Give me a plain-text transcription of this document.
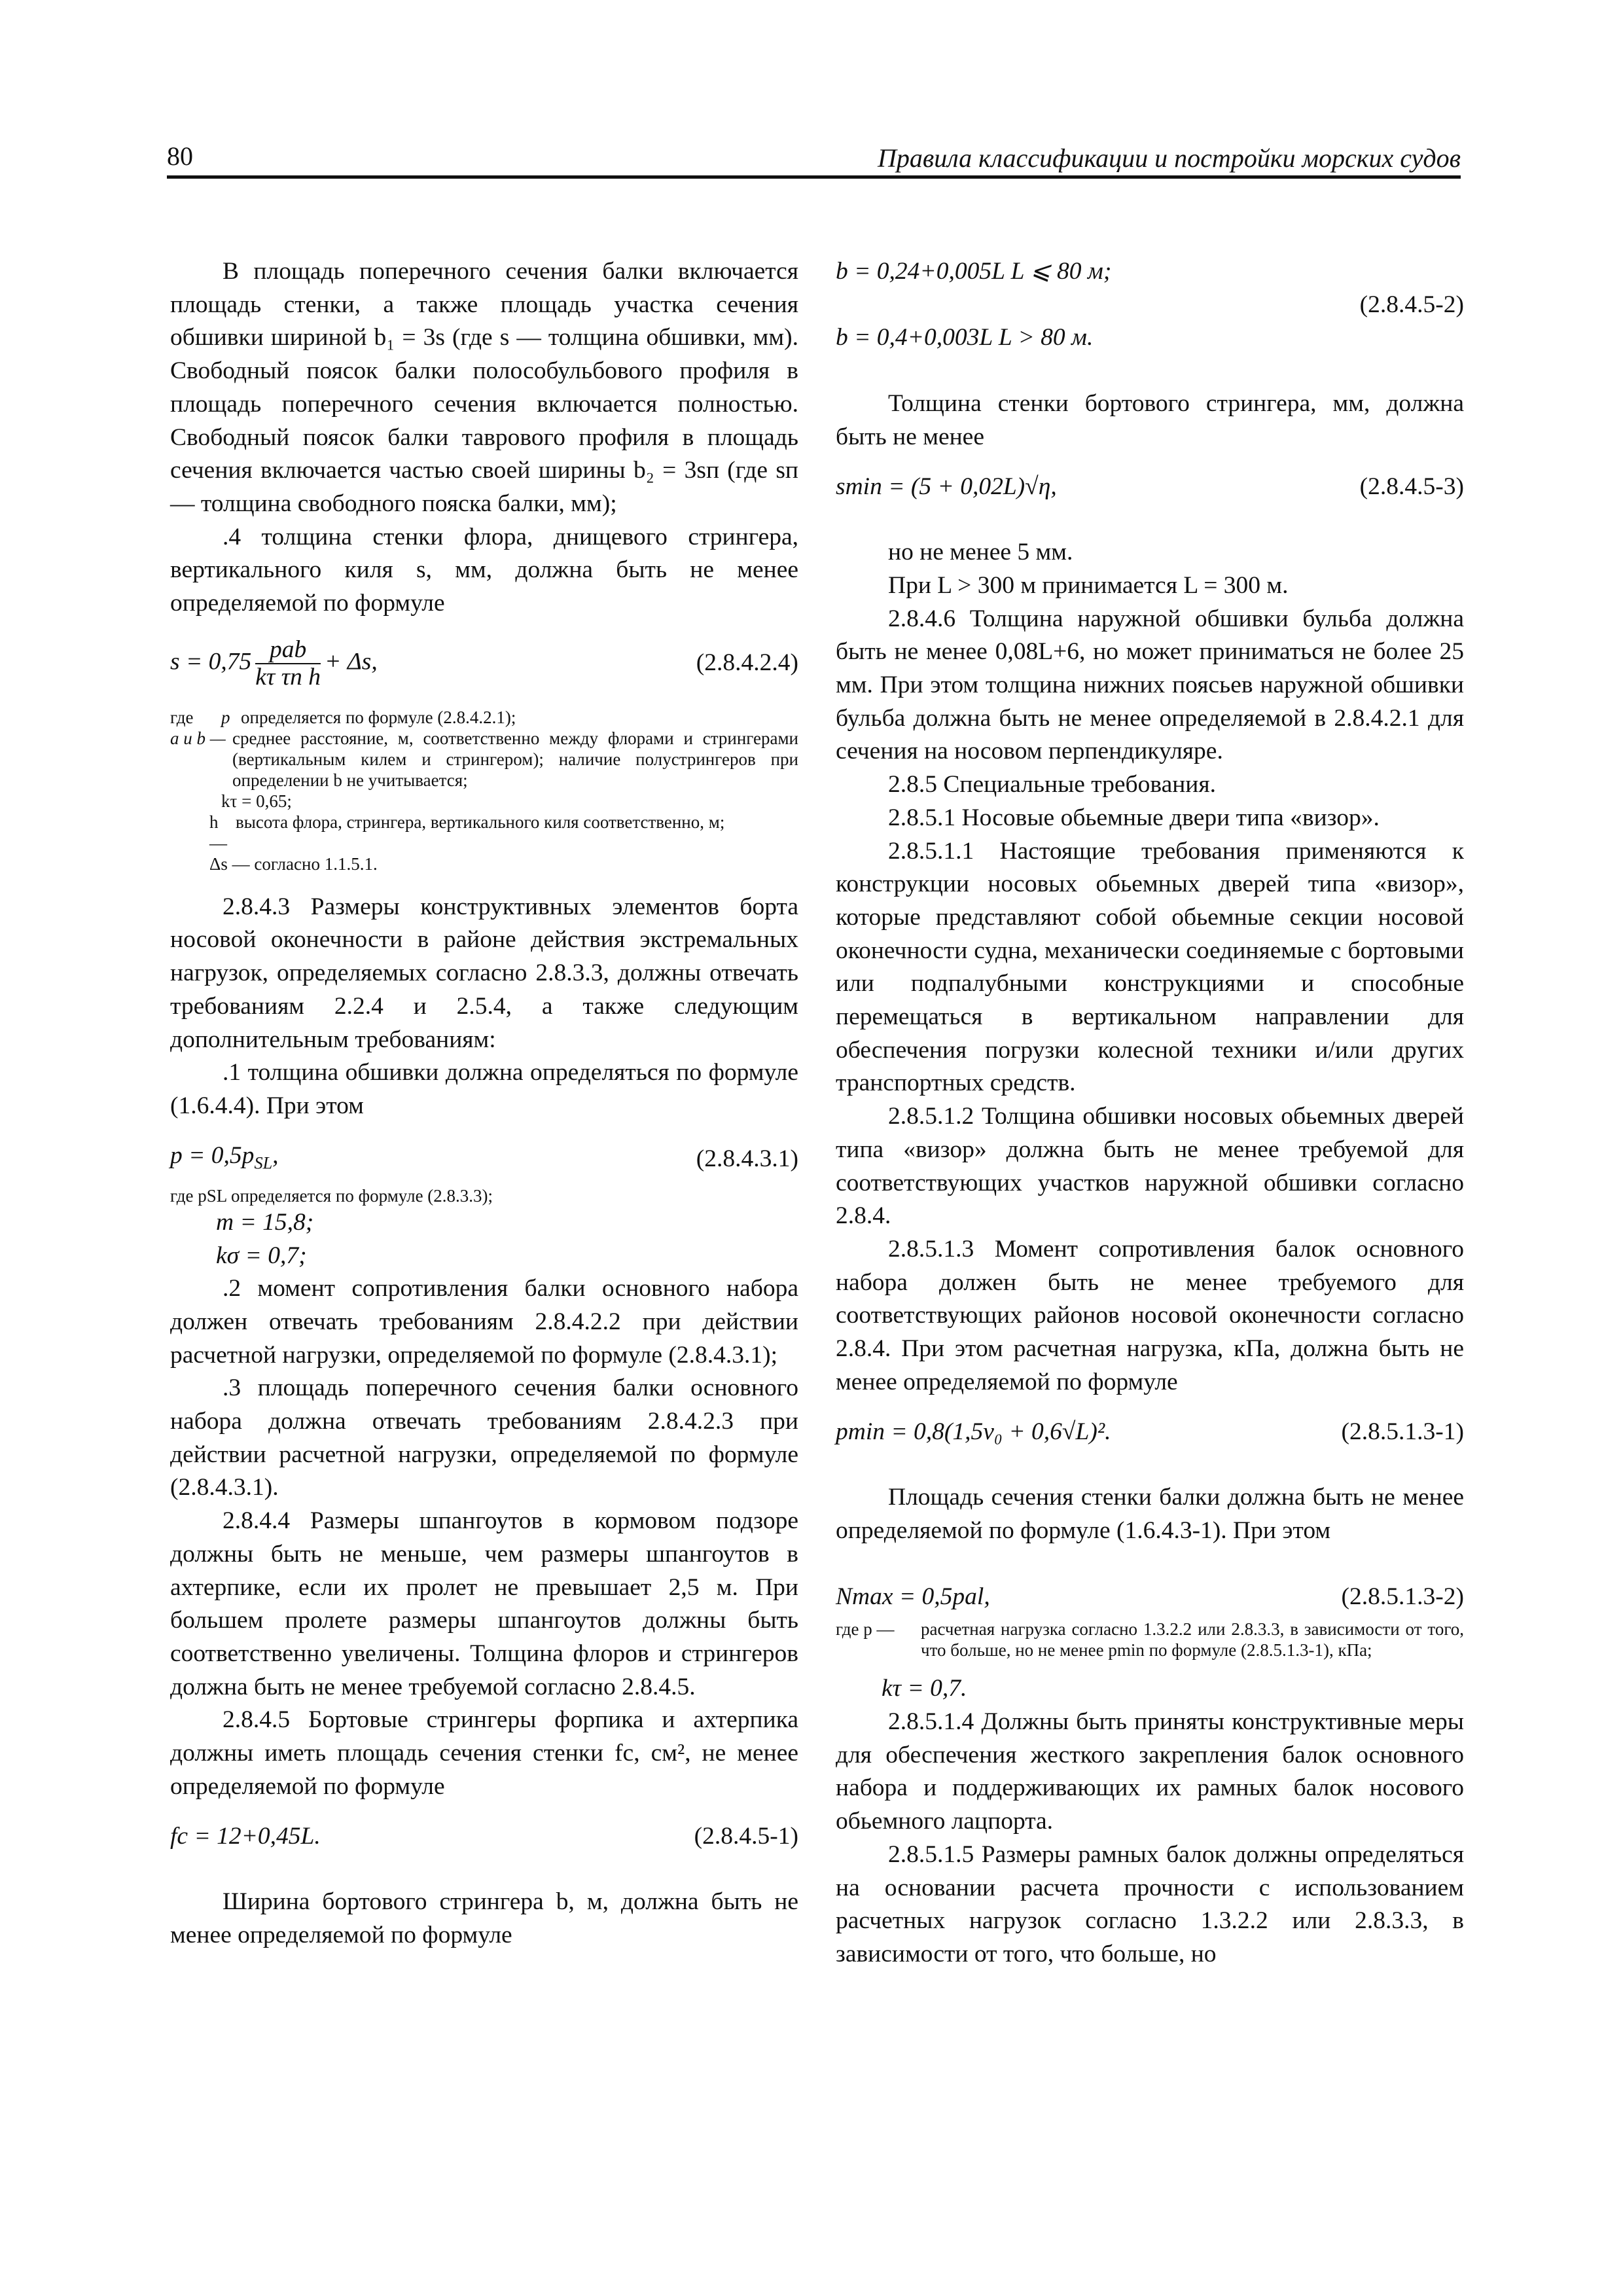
80	Правила классификации и постройки морских судов

В площадь поперечного сечения балки включается площадь стенки, а также площадь участка сечения обшивки шириной b₁ = 3s (где s — толщина обшивки, мм). Свободный поясок балки полособульбового профиля в площадь поперечного сечения включается полностью. Свободный поясок балки таврового профиля в площадь сечения включается частью своей ширины b₂ = 3sп (где sп — толщина свободного пояска балки, мм);

.4 толщина стенки флора, днищевого стрингера, вертикального киля s, мм, должна быть не менее определяемой по формуле

s = 0,75 pab
kτ τп h
+ Δs,	(2.8.4.2.4)
где	p определяется по формуле (2.8.4.2.1);
a и b — среднее расстояние, м, соответственно между флорами и стрингерами (вертикальным килем и стрингером); наличие полустрингеров при определении b не учитывается;
kτ = 0,65;
h —
высота флора, стрингера, вертикального киля соответственно, м;
Δs — согласно 1.1.5.1.

2.8.4.3 Размеры конструктивных элементов борта носовой оконечности в районе действия экстремальных нагрузок, определяемых согласно 2.8.3.3, должны отвечать требованиям 2.2.4 и 2.5.4, а также следующим дополнительным требованиям:

.1 толщина обшивки должна определяться по формуле (1.6.4.4). При этом

$p = 0,5p_{SL}$,	(2.8.4.3.1)
где pSL определяется по формуле (2.8.3.3);
m = 15,8;
kσ = 0,7;

.2 момент сопротивления балки основного набора должен отвечать требованиям 2.8.4.2.2 при действии расчетной нагрузки, определяемой по формуле (2.8.4.3.1);

.3 площадь поперечного сечения балки основного набора должна отвечать требованиям 2.8.4.2.3 при действии расчетной нагрузки, определяемой по формуле (2.8.4.3.1).

2.8.4.4 Размеры шпангоутов в кормовом подзоре должны быть не меньше, чем размеры шпангоутов в ахтерпике, если их пролет не превышает 2,5 м. При большем пролете размеры шпангоутов должны быть соответственно увеличены. Толщина флоров и стрингеров должна быть не менее требуемой согласно 2.8.4.5.

2.8.4.5 Бортовые стрингеры форпика и ахтерпика должны иметь площадь сечения стенки fс, см², не менее определяемой по формуле

fс = 12+0,45L.	(2.8.4.5-1)

Ширина бортового стрингера b, м, должна быть не менее определяемой по формуле

b = 0,24+0,005L L ⩽ 80 м;
(2.8.4.5-2)
b = 0,4+0,003L L > 80 м.

Толщина стенки бортового стрингера, мм, должна быть не менее

smin = (5 + 0,02L)√η,	(2.8.4.5-3)

но не менее 5 мм.

При L > 300 м принимается L = 300 м.

2.8.4.6 Толщина наружной обшивки бульба должна быть не менее 0,08L+6, но может приниматься не более 25 мм. При этом толщина нижних поясьев наружной обшивки бульба должна быть не менее определяемой в 2.8.4.2.1 для сечения на носовом перпендикуляре.

2.8.5 Специальные требования.

2.8.5.1 Носовые обьемные двери типа «визор».

2.8.5.1.1 Настоящие требования применяются к конструкции носовых обьемных дверей типа «визор», которые представляют собой обьемные секции носовой оконечности судна, механически соединяемые с бортовыми или подпалубными конструкциями и способные перемещаться в вертикальном направлении для обеспечения погрузки колесной техники и/или других транспортных средств.

2.8.5.1.2 Толщина обшивки носовых обьемных дверей типа «визор» должна быть не менее требуемой для соответствующих участков наружной обшивки согласно 2.8.4.

2.8.5.1.3 Момент сопротивления балок основного набора должен быть не менее требуемого для соответствующих районов носовой оконечности согласно 2.8.4. При этом расчетная нагрузка, кПа, должна быть не менее определяемой по формуле

pmin = 0,8(1,5v₀ + 0,6√L)².	(2.8.5.1.3-1)

Площадь сечения стенки балки должна быть не менее определяемой по формуле (1.6.4.3-1). При этом

Nmax = 0,5pal,	(2.8.5.1.3-2)
где p —	расчетная нагрузка согласно 1.3.2.2 или 2.8.3.3, в зависимости от того, что больше, но не менее pmin по формуле (2.8.5.1.3-1), кПа;
kτ = 0,7.

2.8.5.1.4 Должны быть приняты конструктивные меры для обеспечения жесткого закрепления балок основного набора и поддерживающих их рамных балок носового обьемного лацпорта.

2.8.5.1.5 Размеры рамных балок должны определяться на основании расчета прочности с использованием расчетных нагрузок согласно 1.3.2.2 или 2.8.3.3, в зависимости от того, что больше, но
